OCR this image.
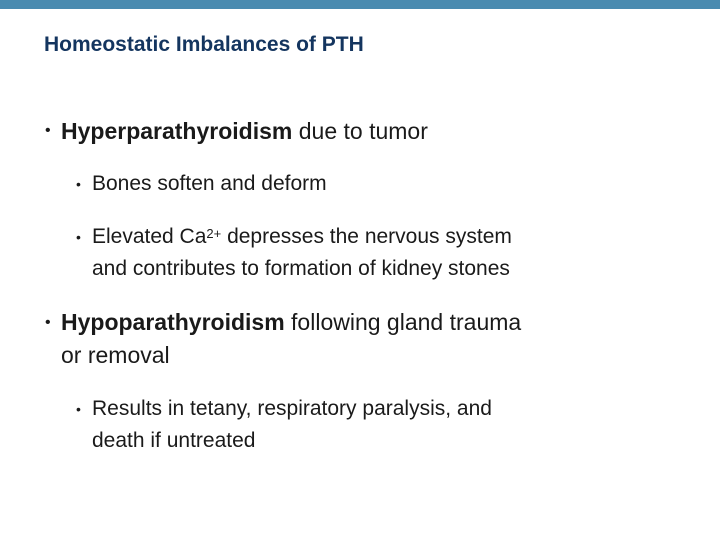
Homeostatic Imbalances of PTH
• Hyperparathyroidism due to tumor
• Bones soften and deform
• Elevated $Ca^{2+}$ depresses the nervous system
and contributes to formation of kidney stones
• Hypoparathyroidism following gland trauma
or removal
• Results in tetany, respiratory paralysis, and
death if untreated
